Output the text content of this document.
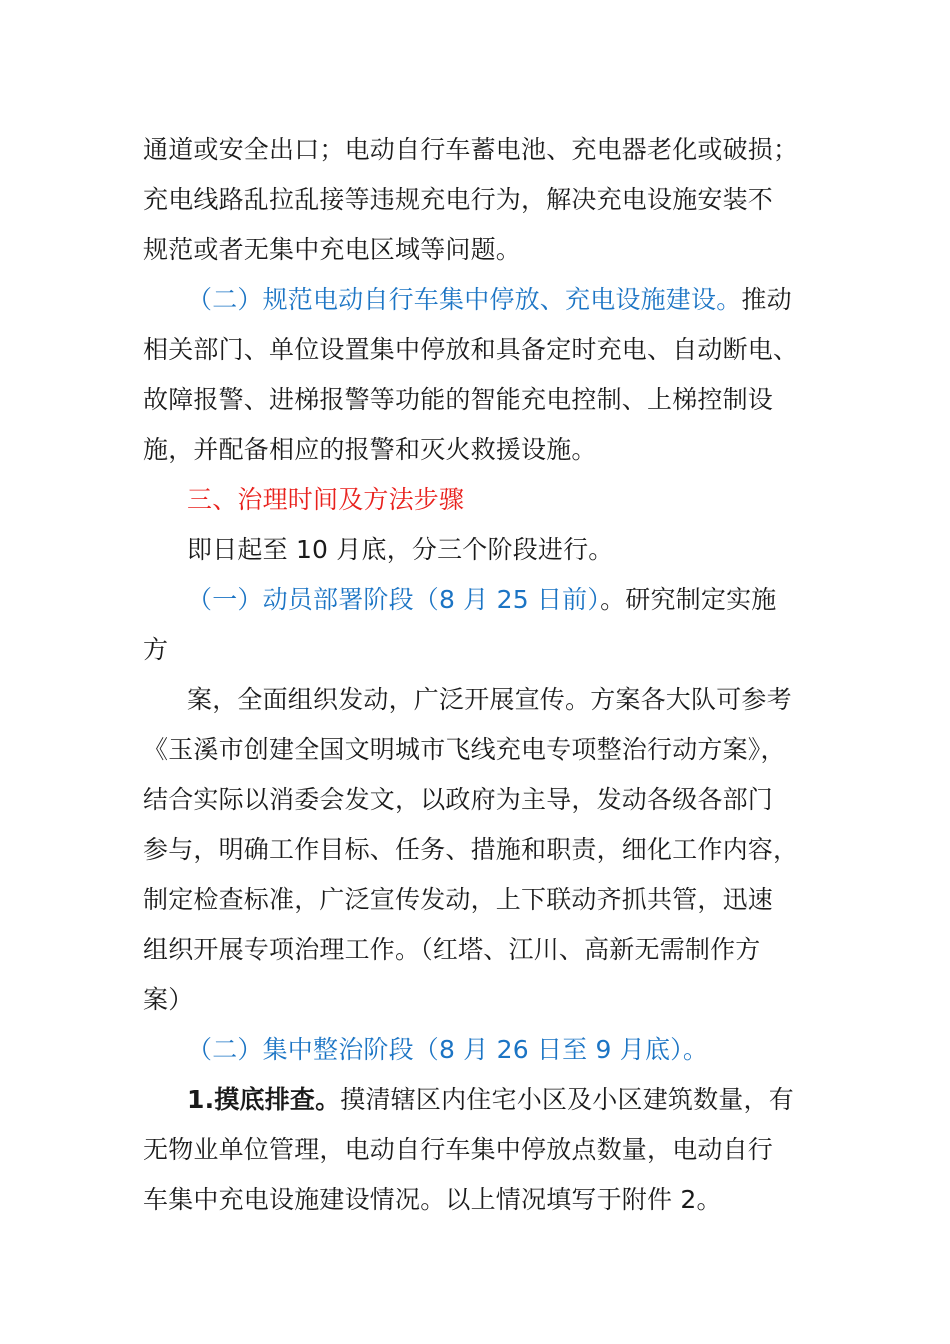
通道或安全出口；电动自行车蓄电池、充电器老化或破损；
充电线路乱拉乱接等违规充电行为，解决充电设施安装不
规范或者无集中充电区域等问题。
（二）规范电动自行车集中停放、充电设施建设。推动
相关部门、单位设置集中停放和具备定时充电、自动断电、
故障报警、进梯报警等功能的智能充电控制、上梯控制设
施，并配备相应的报警和灭火救援设施。
三、治理时间及方法步骤
即日起至 10 月底，分三个阶段进行。
（一）动员部署阶段（8 月 25 日前）。研究制定实施
方
案，全面组织发动，广泛开展宣传。方案各大队可参考
《玉溪市创建全国文明城市飞线充电专项整治行动方案》，
结合实际以消委会发文，以政府为主导，发动各级各部门
参与，明确工作目标、任务、措施和职责，细化工作内容，
制定检查标准，广泛宣传发动，上下联动齐抓共管，迅速
组织开展专项治理工作。（红塔、江川、高新无需制作方
案）
（二）集中整治阶段（8 月 26 日至 9 月底）。
1.摸底排查。摸清辖区内住宅小区及小区建筑数量，有
无物业单位管理，电动自行车集中停放点数量，电动自行
车集中充电设施建设情况。以上情况填写于附件 2。
